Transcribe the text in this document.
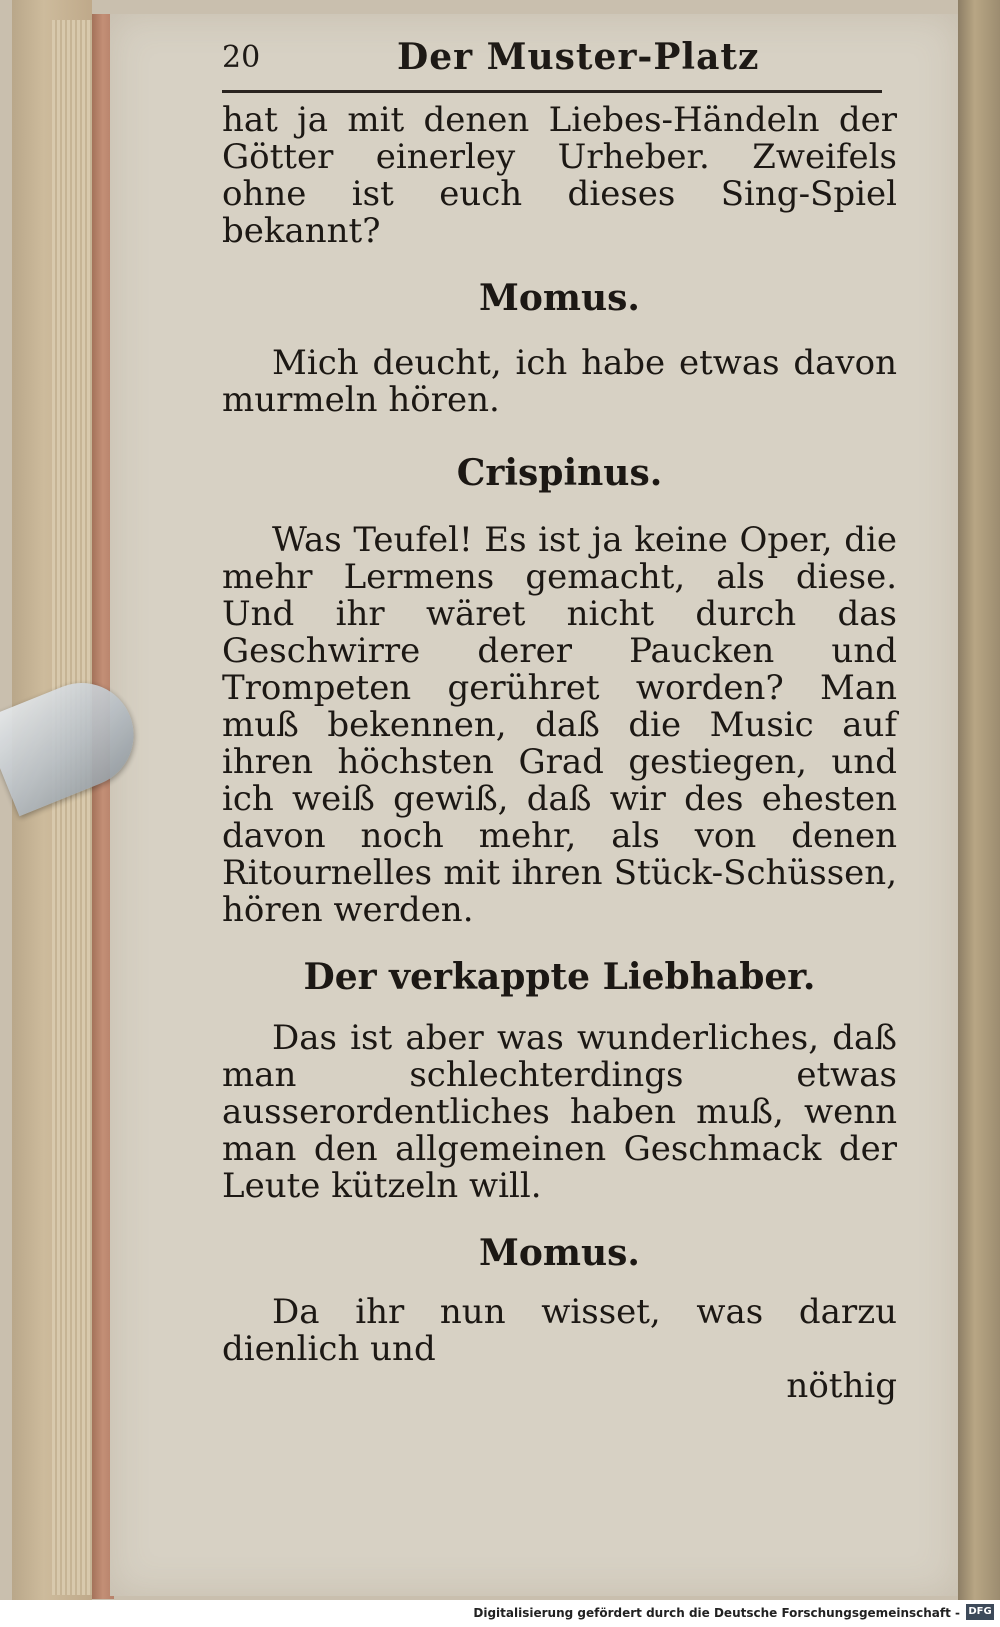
20	Der Muster-Platz

hat ja mit denen Liebes-Händeln der Götter einerley Urheber. Zweifels ohne ist euch dieses Sing-Spiel bekannt?

Momus.

Mich deucht, ich habe etwas davon murmeln hören.

Crispinus.

Was Teufel! Es ist ja keine Oper, die mehr Lermens gemacht, als diese. Und ihr wäret nicht durch das Geschwirre derer Paucken und Trompeten gerühret worden? Man muß bekennen, daß die Music auf ihren höchsten Grad gestiegen, und ich weiß gewiß, daß wir des ehesten davon noch mehr, als von denen Ritournelles mit ihren Stück-Schüssen, hören werden.

Der verkappte Liebhaber.

Das ist aber was wunderliches, daß man schlechterdings etwas ausserordentliches haben muß, wenn man den allgemeinen Geschmack der Leute kützeln will.

Momus.

Da ihr nun wisset, was darzu dienlich und

nöthig

Digitalisierung gefördert durch die Deutsche Forschungsgemeinschaft - DFG
